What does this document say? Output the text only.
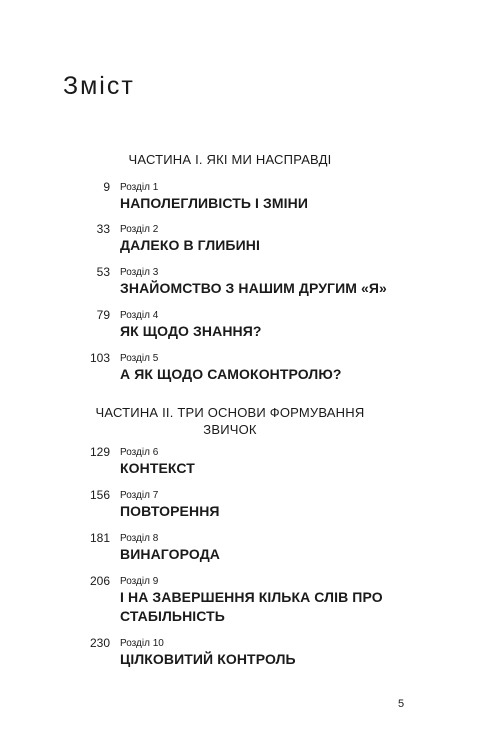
Зміст
ЧАСТИНА І. ЯКІ МИ НАСПРАВДІ
9 Розділ 1
НАПОЛЕГЛИВІСТЬ І ЗМІНИ
33 Розділ 2
ДАЛЕКО В ГЛИБИНІ
53 Розділ 3
ЗНАЙОМСТВО З НАШИМ ДРУГИМ «Я»
79 Розділ 4
ЯК ЩОДО ЗНАННЯ?
103 Розділ 5
А ЯК ЩОДО САМОКОНТРОЛЮ?
ЧАСТИНА ІІ. ТРИ ОСНОВИ ФОРМУВАННЯ ЗВИЧОК
129 Розділ 6
КОНТЕКСТ
156 Розділ 7
ПОВТОРЕННЯ
181 Розділ 8
ВИНАГОРОДА
206 Розділ 9
І НА ЗАВЕРШЕННЯ КІЛЬКА СЛІВ ПРО СТАБІЛЬНІСТЬ
230 Розділ 10
ЦІЛКОВИТИЙ КОНТРОЛЬ
5
